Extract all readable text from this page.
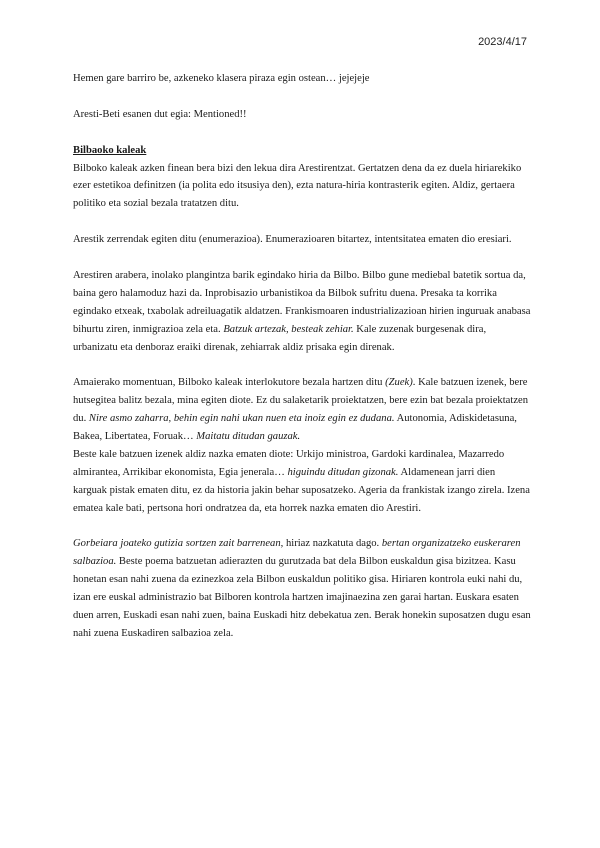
2023/4/17

Hemen gare barriro be, azkeneko klasera piraza egin ostean… jejejeje

Aresti-Beti esanen dut egia: Mentioned!!

Bilbaoko kaleak

Bilboko kaleak azken finean bera bizi den lekua dira Arestirentzat. Gertatzen dena da ez duela hiriarekiko ezer estetikoa definitzen (ia polita edo itsusiya den), ezta natura-hiria kontrasterik egiten. Aldiz, gertaera politiko eta sozial bezala tratatzen ditu.

Arestik zerrendak egiten ditu (enumerazioa). Enumerazioaren bitartez, intentsitatea ematen dio eresiari.

Arestiren arabera, inolako plangintza barik egindako hiria da Bilbo. Bilbo gune mediebal batetik sortua da, baina gero halamoduz hazi da. Inprobisazio urbanistikoa da Bilbok sufritu duena. Presaka ta korrika egindako etxeak, txabolak adreiluagatik aldatzen. Frankismoaren industrializazioan hirien inguruak anabasa bihurtu ziren, inmigrazioa zela eta. Batzuk artezak, besteak zehiar. Kale zuzenak burgesenak dira, urbanizatu eta denboraz eraiki direnak, zehiarrak aldiz prisaka egin direnak.

Amaierako momentuan, Bilboko kaleak interlokutore bezala hartzen ditu (Zuek). Kale batzuen izenek, bere hutsegitea balitz bezala, mina egiten diote. Ez du salaketarik proiektatzen, bere ezin bat bezala proiektatzen du. Nire asmo zaharra, behin egin nahi ukan nuen eta inoiz egin ez dudana. Autonomia, Adiskidetasuna, Bakea, Libertatea, Foruak… Maitatu ditudan gauzak.

Beste kale batzuen izenek aldiz nazka ematen diote: Urkijo ministroa, Gardoki kardinalea, Mazarredo almirantea, Arrikibar ekonomista, Egia jenerala… higuindu ditudan gizonak. Aldamenean jarri dien karguak pistak ematen ditu, ez da historia jakin behar suposatzeko. Ageria da frankistak izango zirela. Izena ematea kale bati, pertsona hori ondratzea da, eta horrek nazka ematen dio Arestiri.

Gorbeiara joateko gutizia sortzen zait barrenean, hiriaz nazkatuta dago. bertan organizatzeko euskeraren salbazioa. Beste poema batzuetan adierazten du gurutzada bat dela Bilbon euskaldun gisa bizitzea. Kasu honetan esan nahi zuena da ezinezkoa zela Bilbon euskaldun politiko gisa. Hiriaren kontrola euki nahi du, izan ere euskal administrazio bat Bilboren kontrola hartzen imajinaezina zen garai hartan. Euskara esaten duen arren, Euskadi esan nahi zuen, baina Euskadi hitz debekatua zen. Berak honekin suposatzen dugu esan nahi zuena Euskadiren salbazioa zela.
